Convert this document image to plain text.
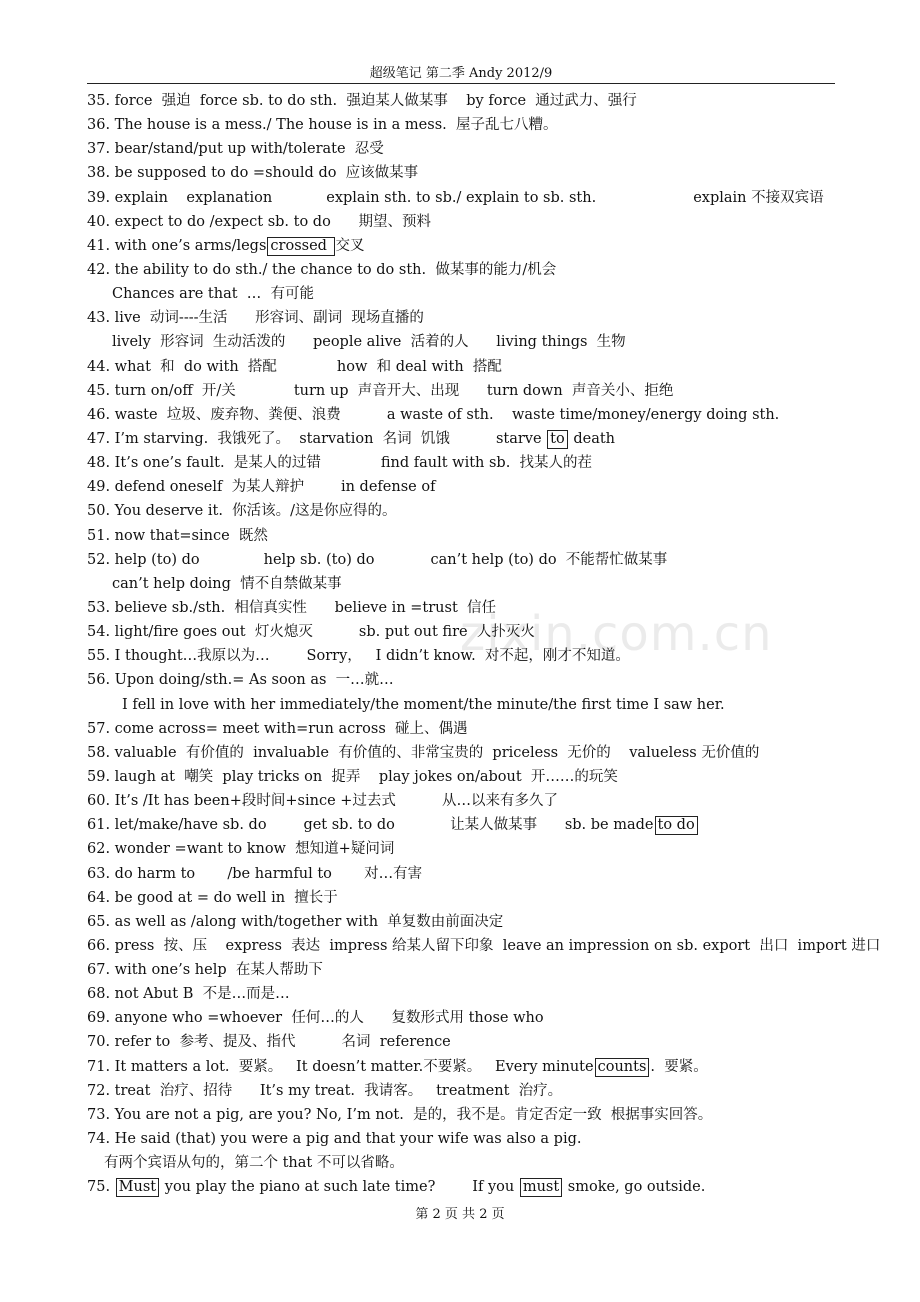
超级笔记 第二季 Andy 2012/9
35. force  强迫  force sb. to do sth.  强迫某人做某事    by force  通过武力、强行
36. The house is a mess./ The house is in a mess.  屋子乱七八糟。
37. bear/stand/put up with/tolerate  忍受
38. be supposed to do =should do  应该做某事
39. explain    explanation	explain sth. to sb./ explain to sb. sth.	explain 不接双宾语
40. expect to do /expect sb. to do      期望、预料
41. with one’s arms/legs crossed 交叉
42. the ability to do sth./ the chance to do sth.  做某事的能力/机会
Chances are that  …  有可能
43. live  动词----生活      形容词、副词  现场直播的
lively  形容词  生动活泼的      people alive  活着的人      living things  生物
44. what  和  do with  搭配	how  和 deal with  搭配
45. turn on/off  开/关	turn up  声音开大、出现      turn down  声音关小、拒绝
46. waste  垃圾、废弃物、粪便、浪费          a waste of sth.    waste time/money/energy doing sth.
47. I’m starving.  我饿死了。  starvation  名词  饥饿          starve to death
48. It’s one’s fault.  是某人的过错	find fault with sb.  找某人的茬
49. defend oneself  为某人辩护        in defense of
50. You deserve it.  你活该。/这是你应得的。
51. now that=since  既然
52. help (to) do	help sb. (to) do	can’t help (to) do  不能帮忙做某事
can’t help doing  情不自禁做某事
53. believe sb./sth.  相信真实性      believe in =trust  信任
54. light/fire goes out  灯火熄灭          sb. put out fire  人扑灭火
55. I thought…我原以为…        Sorry，   I didn’t know.  对不起，刚才不知道。
56. Upon doing/sth.= As soon as  一…就…
I fell in love with her immediately/the moment/the minute/the first time I saw her.
57. come across= meet with=run across  碰上、偶遇
58. valuable  有价值的  invaluable  有价值的、非常宝贵的  priceless  无价的    valueless 无价值的
59. laugh at  嘲笑  play tricks on  捉弄    play jokes on/about  开……的玩笑
60. It’s /It has been+段时间+since +过去式          从…以来有多久了
61. let/make/have sb. do        get sb. to do            让某人做某事      sb. be made to do
62. wonder =want to know  想知道+疑问词
63. do harm to       /be harmful to       对…有害
64. be good at = do well in  擅长于
65. as well as /along with/together with  单复数由前面决定
66. press  按、压    express  表达  impress 给某人留下印象  leave an impression on sb. export  出口  import 进口
67. with one’s help  在某人帮助下
68. not Abut B  不是…而是…
69. anyone who =whoever  任何…的人      复数形式用 those who
70. refer to  参考、提及、指代          名词  reference
71. It matters a lot.  要紧。   It doesn’t matter.不要紧。   Every minute counts .  要紧。
72. treat  治疗、招待      It’s my treat.  我请客。   treatment  治疗。
73. You are not a pig, are you? No, I’m not.  是的，我不是。肯定否定一致  根据事实回答。
74. He said (that) you were a pig and that your wife was also a pig.
有两个宾语从句的，第二个 that 不可以省略。
75. Must you play the piano at such late time?        If you must smoke, go outside.
zixin.com.cn
第 2 页 共 2 页
